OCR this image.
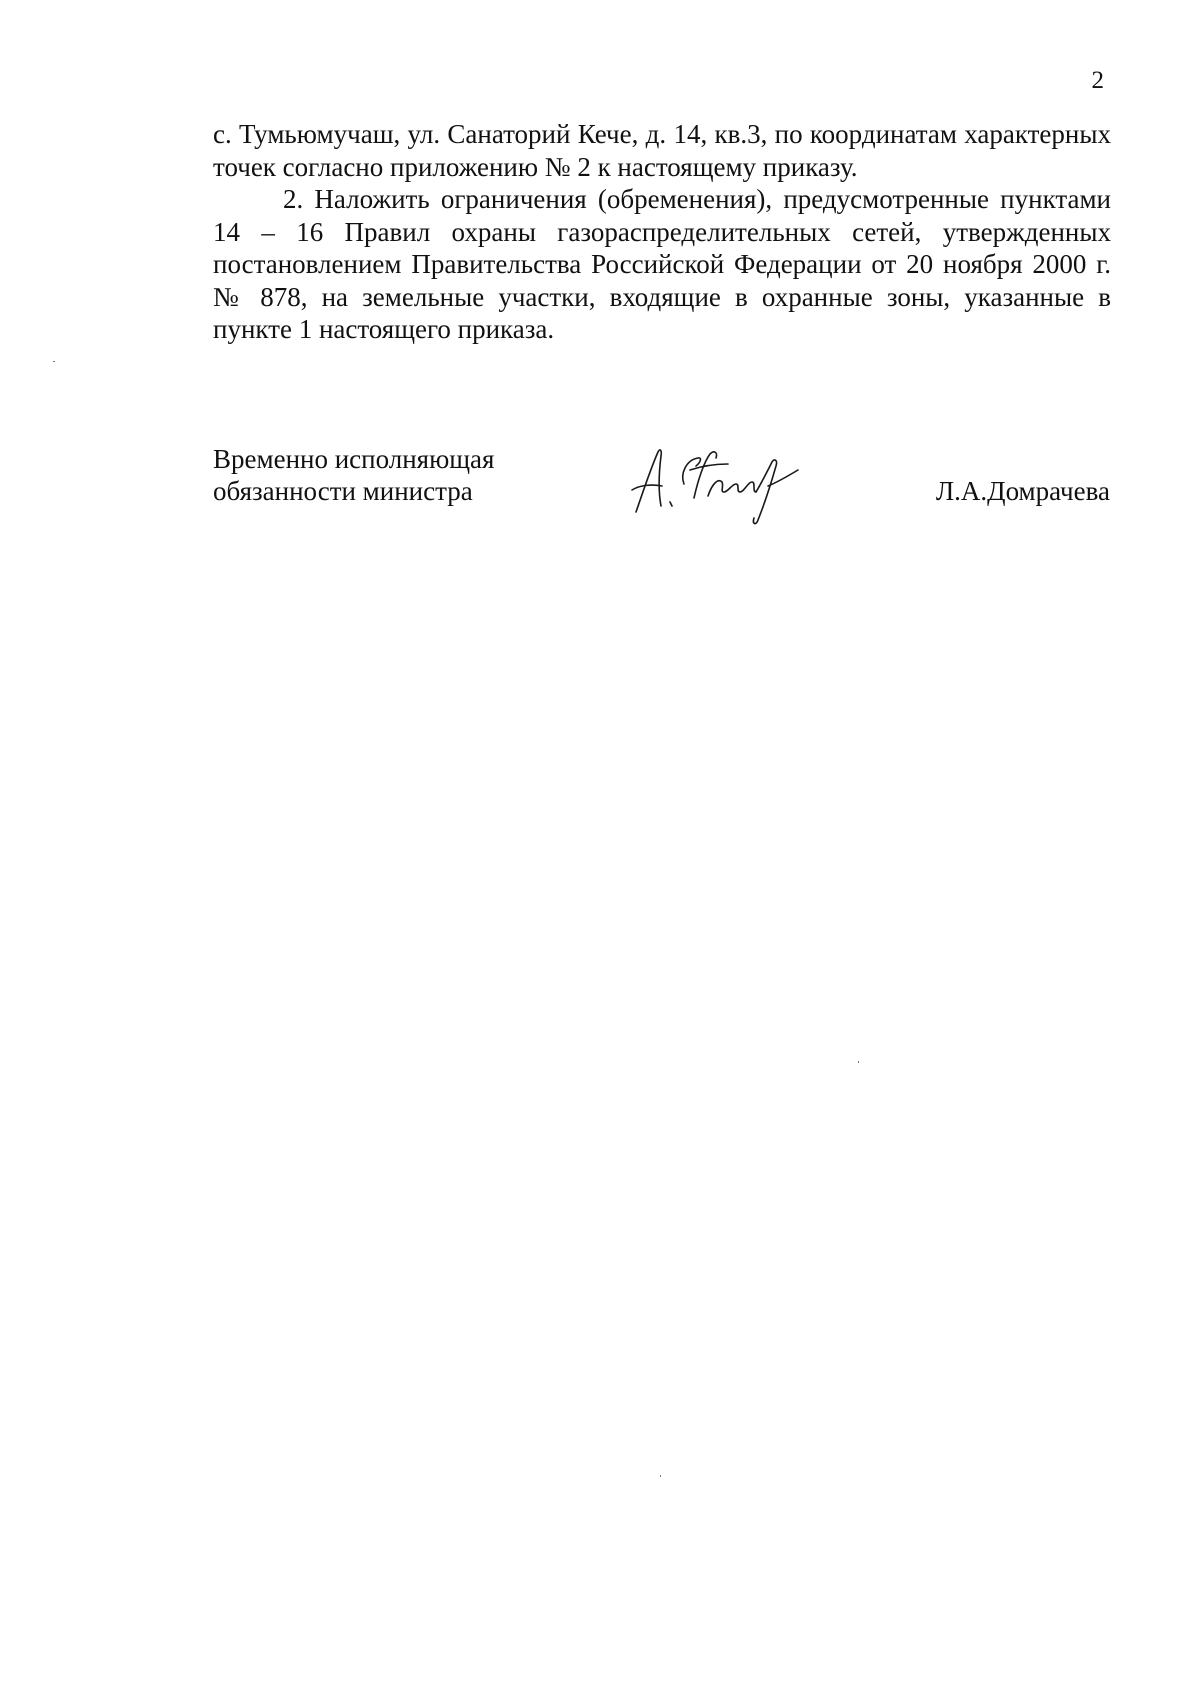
2

с. Тумьюмучаш, ул. Санаторий Кече, д. 14, кв.3, по координатам характерных точек согласно приложению № 2 к настоящему приказу.

2. Наложить ограничения (обременения), предусмотренные пунктами 14 – 16 Правил охраны газораспределительных сетей, утвержденных постановлением Правительства Российской Федерации от 20 ноября 2000 г. № 878, на земельные участки, входящие в охранные зоны, указанные в пункте 1 настоящего приказа.

Временно исполняющая
обязанности министра	Л.А.Домрачева
